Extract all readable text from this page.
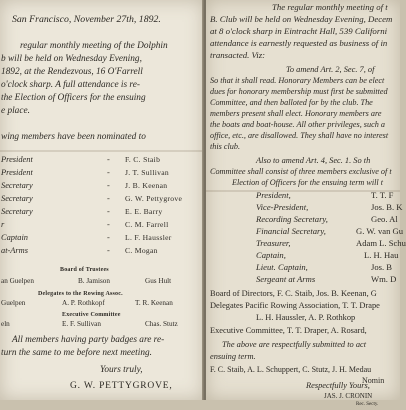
San Francisco, November 27th, 1892.
regular monthly meeting of the Dolphin
b will be held on Wednesday Evening,
1892, at the Rendezvous, 16 O'Farrell
o'clock sharp. A full attendance is re-
the Election of Officers for the ensuing
e place.
wing members have been nominated to
President	- F. C. Staib
President	- J. T. Sullivan
Secretary	- J. B. Keenan
Secretary	- G. W. Pettygrove
Secretary	- E. E. Barry
r	- C. M. Farrell
Captain	- L. F. Haussler
at-Arms	- C. Mogan
Board of Trustees
an Guelpen	B. Jamison	Gus Hult
Delegates to the Rowing Assoc.
Guelpen	A. P. Rothkopf	T. R. Keenan
Executive Committee
eln	E. F. Sullivan	Chas. Stutz
All members having party badges are re-
turn the same to me before next meeting.
Yours truly,
G. W. PETTYGROVE,
The regular monthly meeting of t
B. Club will be held on Wednesday Evening, Decem
at 8 o'clock sharp in Eintracht Hall, 539 Californi
attendance is earnestly requested as business of in
transacted. Viz:
To amend Art. 2, Sec. 7, of
So that it shall read. Honorary Members can be elect
dues for honorary membership must first be submitted
Committee, and then balloted for by the club. The
members present shall elect. Honorary members are
the boats and boat-house. All other privileges, such a
office, etc., are disallowed. They shall have no interest
this club.
Also to amend Art. 4, Sec. 1. So th
Committee shall consist of three members exclusive of t
Election of Officers for the ensuing term will t
President,	T. T. F
Vice-President,	Jos. B. K
Recording Secretary,	Geo. Al
Financial Secretary,	G. W. van Gu
Treasurer,	Adam L. Schu
Captain,	L. H. Hau
Lieut. Captain,	Jos. B
Sergeant at Arms	Wm. D
Board of Directors, F. C. Staib, Jos. B. Keenan, G
Delegates Pacific Rowing Association, T. T. Drape
L. H. Haussler, A. P. Rothkop
Executive Committee, T. T. Draper, A. Rosard,
The above are respectfully submitted to act
ensuing term.
F. C. Staib, A. L. Schuppert, C. Stutz, J. H. Medau
Nomin
Respectfully Yours,
JAS. J. CRONIN
Rec. Secty.
